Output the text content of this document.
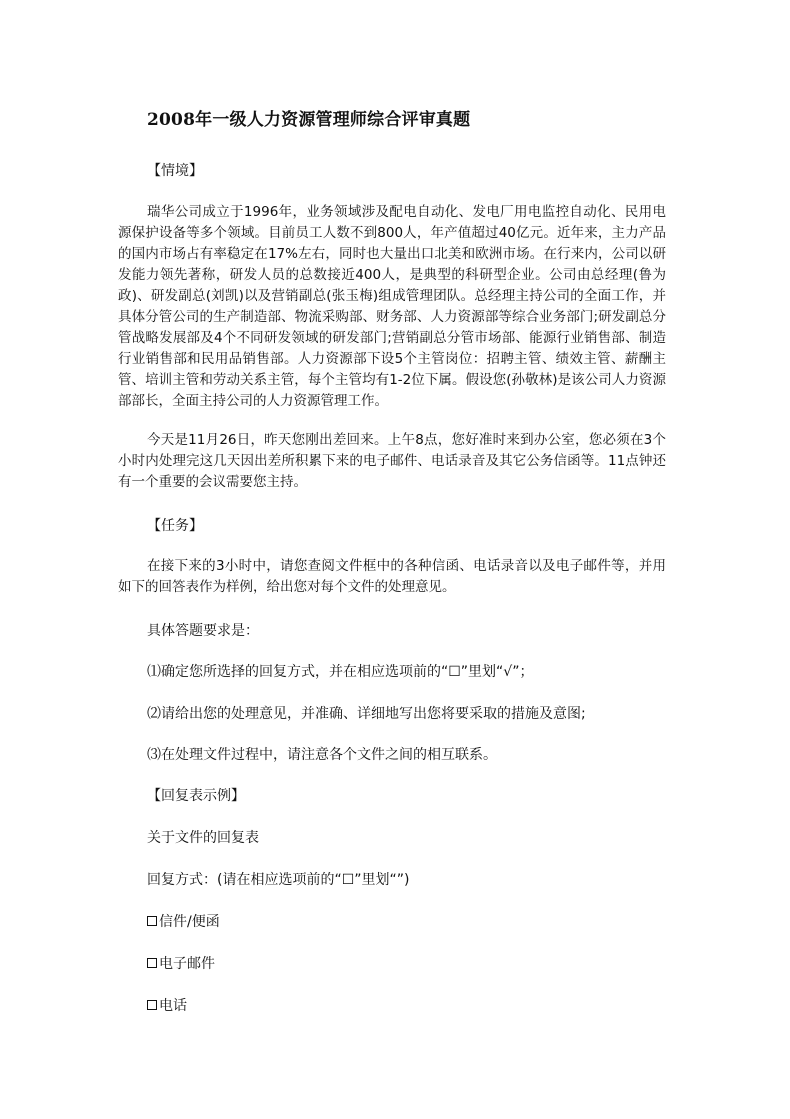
2008年一级人力资源管理师综合评审真题
【情境】

瑞华公司成立于1996年，业务领域涉及配电自动化、发电厂用电监控自动化、民用电源保护设备等多个领域。目前员工人数不到800人，年产值超过40亿元。近年来，主力产品的国内市场占有率稳定在17%左右，同时也大量出口北美和欧洲市场。在行来内，公司以研发能力领先著称，研发人员的总数接近400人，是典型的科研型企业。公司由总经理(鲁为政)、研发副总(刘凯)以及营销副总(张玉梅)组成管理团队。总经理主持公司的全面工作，并具体分管公司的生产制造部、物流采购部、财务部、人力资源部等综合业务部门;研发副总分管战略发展部及4个不同研发领域的研发部门;营销副总分管市场部、能源行业销售部、制造行业销售部和民用品销售部。人力资源部下设5个主管岗位：招聘主管、绩效主管、薪酬主管、培训主管和劳动关系主管，每个主管均有1-2位下属。假设您(孙敬林)是该公司人力资源部部长，全面主持公司的人力资源管理工作。

今天是11月26日，昨天您刚出差回来。上午8点，您好准时来到办公室，您必须在3个小时内处理完这几天因出差所积累下来的电子邮件、电话录音及其它公务信函等。11点钟还有一个重要的会议需要您主持。

【任务】

在接下来的3小时中，请您查阅文件框中的各种信函、电话录音以及电子邮件等，并用如下的回答表作为样例，给出您对每个文件的处理意见。

具体答题要求是：
⑴确定您所选择的回复方式，并在相应选项前的“☐”里划“√”；
⑵请给出您的处理意见，并准确、详细地写出您将要采取的措施及意图;
⑶在处理文件过程中，请注意各个文件之间的相互联系。
【回复表示例】
关于文件的回复表
回复方式：(请在相应选项前的“☐”里划“”)
信件/便函
电子邮件
电话
